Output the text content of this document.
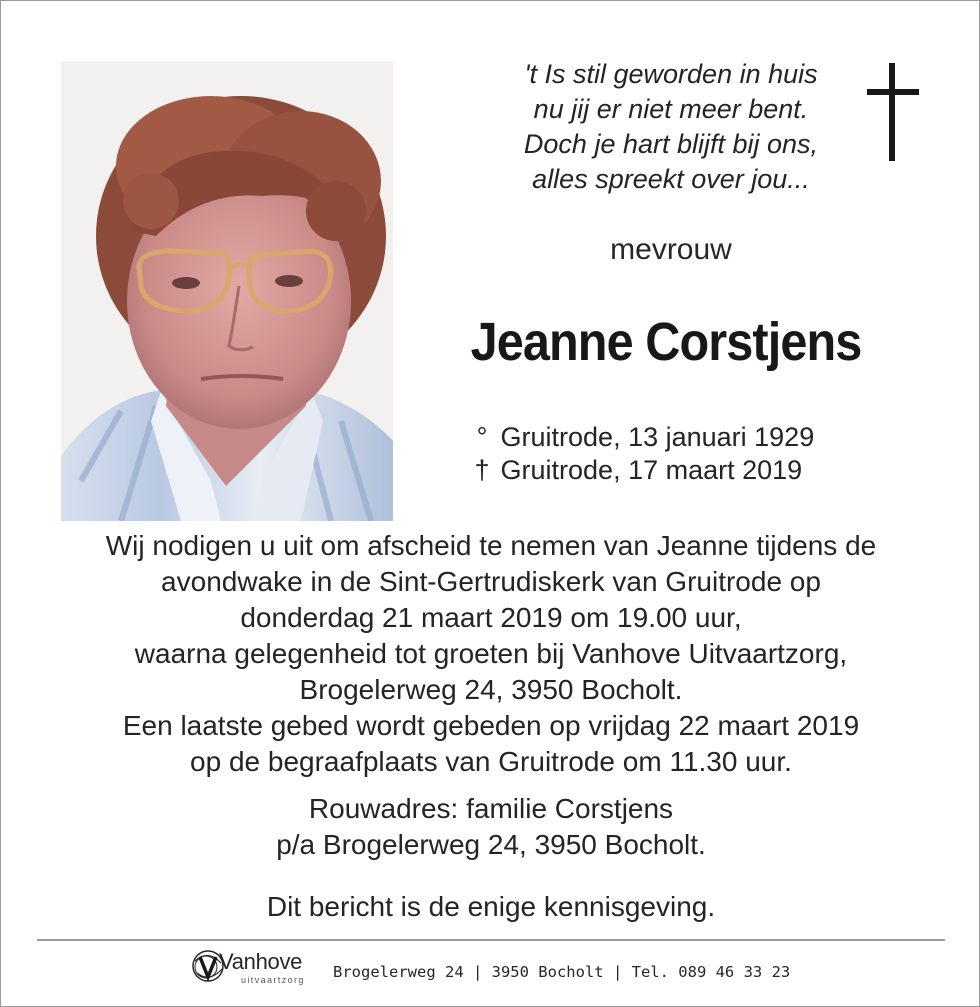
't Is stil geworden in huis
nu jij er niet meer bent.
Doch je hart blijft bij ons,
alles spreekt over jou...
mevrouw
Jeanne Corstjens
° Gruitrode, 13 januari 1929
† Gruitrode, 17 maart 2019
Wij nodigen u uit om afscheid te nemen van Jeanne tijdens de
avondwake in de Sint-Gertrudiskerk van Gruitrode op
donderdag 21 maart 2019 om 19.00 uur,
waarna gelegenheid tot groeten bij Vanhove Uitvaartzorg,
Brogelerweg 24, 3950 Bocholt.
Een laatste gebed wordt gebeden op vrijdag 22 maart 2019
op de begraafplaats van Gruitrode om 11.30 uur.
Rouwadres: familie Corstjens
p/a Brogelerweg 24, 3950 Bocholt.
Dit bericht is de enige kennisgeving.
Vanhove
uitvaartzorg Brogelerweg 24 | 3950 Bocholt | Tel. 089 46 33 23
